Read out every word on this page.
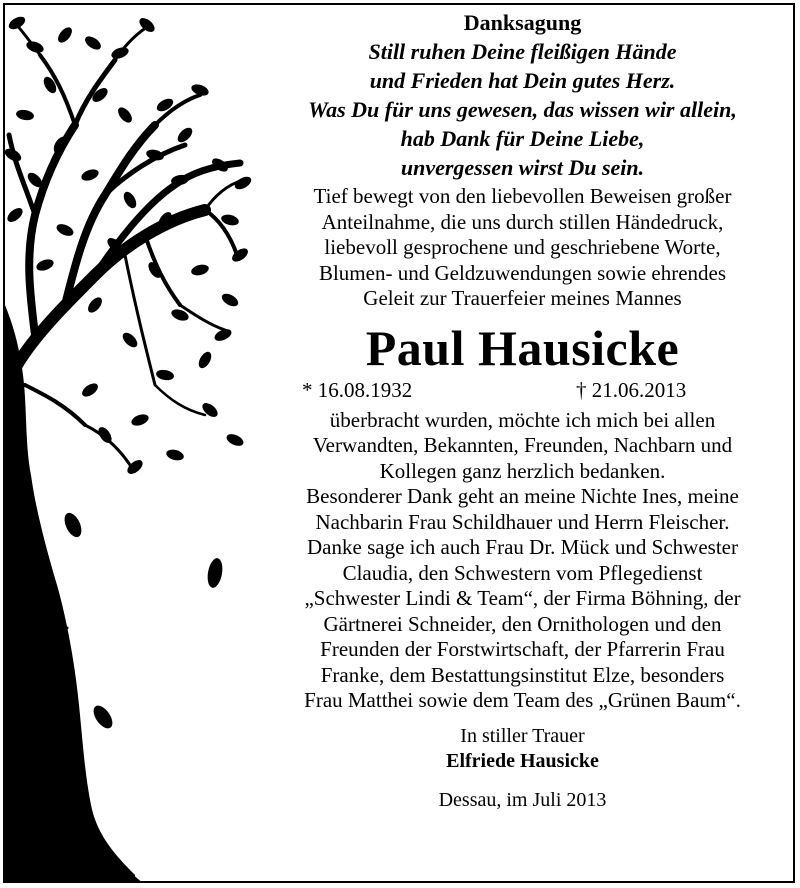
Danksagung

Still ruhen Deine fleißigen Hände

und Frieden hat Dein gutes Herz.

Was Du für uns gewesen, das wissen wir allein,

hab Dank für Deine Liebe,

unvergessen wirst Du sein.

Tief bewegt von den liebevollen Beweisen großer

Anteilnahme, die uns durch stillen Händedruck,

liebevoll gesprochene und geschriebene Worte,

Blumen- und Geldzuwendungen sowie ehrendes

Geleit zur Trauerfeier meines Mannes

Paul Hausicke

* 16.08.1932	† 21.06.2013

überbracht wurden, möchte ich mich bei allen

Verwandten, Bekannten, Freunden, Nachbarn und

Kollegen ganz herzlich bedanken.

Besonderer Dank geht an meine Nichte Ines, meine

Nachbarin Frau Schildhauer und Herrn Fleischer.

Danke sage ich auch Frau Dr. Mück und Schwester

Claudia, den Schwestern vom Pflegedienst

„Schwester Lindi & Team“, der Firma Böhning, der

Gärtnerei Schneider, den Ornithologen und den

Freunden der Forstwirtschaft, der Pfarrerin Frau

Franke, dem Bestattungsinstitut Elze, besonders

Frau Matthei sowie dem Team des „Grünen Baum“.

In stiller Trauer

Elfriede Hausicke

Dessau, im Juli 2013
